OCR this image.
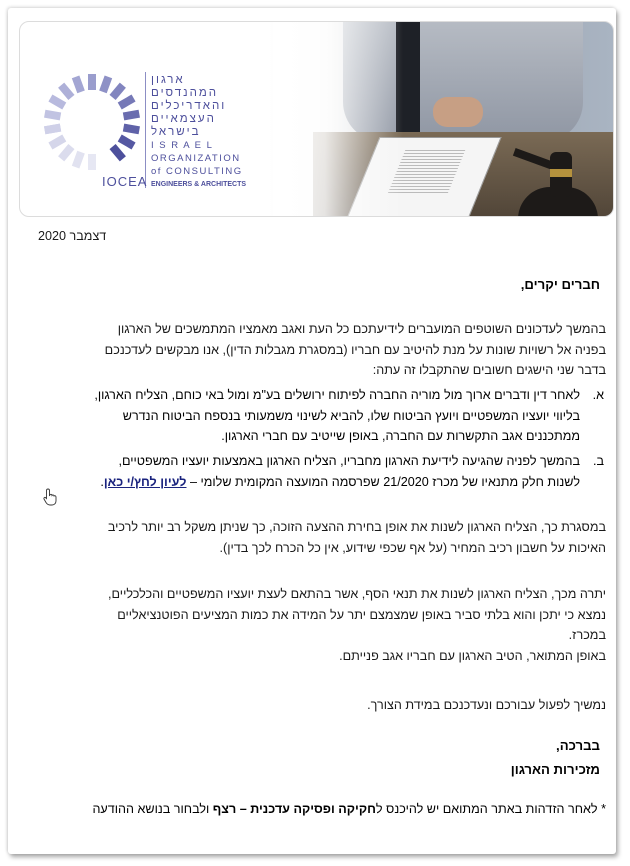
ארגון המהנדסים
והאדריכלים
העצמאיים
בישראל
I S R A E L
ORGANIZATION
of CONSULTING
ENGINEERS & ARCHITECTS
IOCEA
דצמבר 2020
חברים יקרים,
בהמשך לעדכונים השוטפים המועברים לידיעתכם כל העת ואגב מאמציו המתמשכים של הארגון
בפניה אל רשויות שונות על מנת להיטיב עם חבריו (במסגרת מגבלות הדין), אנו מבקשים לעדכנכם
בדבר שני הישגים חשובים שהתקבלו זה עתה:
א.
לאחר דין ודברים ארוך מול מוריה החברה לפיתוח ירושלים בע"מ ומול באי כוחם, הצליח הארגון,
בליווי יועציו המשפטיים ויועץ הביטוח שלו, להביא לשינוי משמעותי בנספח הביטוח הנדרש
ממתכננים אגב התקשרות עם החברה, באופן שייטיב עם חברי הארגון.
ב.
בהמשך לפניה שהגיעה לידיעת הארגון מחבריו, הצליח הארגון באמצעות יועציו המשפטיים,
לשנות חלק מתנאיו של מכרז 21/2020 שפרסמה המועצה המקומית שלומי – לעיון לחץ/י כאן.
במסגרת כך, הצליח הארגון לשנות את אופן בחירת ההצעה הזוכה, כך שניתן משקל רב יותר לרכיב
האיכות על חשבון רכיב המחיר (על אף שכפי שידוע, אין כל הכרח לכך בדין).
יתרה מכך, הצליח הארגון לשנות את תנאי הסף, אשר בהתאם לעצת יועציו המשפטיים והכלכליים,
נמצא כי יתכן והוא בלתי סביר באופן שמצמצם יתר על המידה את כמות המציעים הפוטנציאליים
במכרז.
באופן המתואר, הטיב הארגון עם חבריו אגב פנייתם.
נמשיך לפעול עבורכם ונעדכנכם במידת הצורך.
בברכה,
מזכירות הארגון
* לאחר הזדהות באתר המתואם יש להיכנס לחקיקה ופסיקה עדכנית – רצף ולבחור בנושא ההודעה
